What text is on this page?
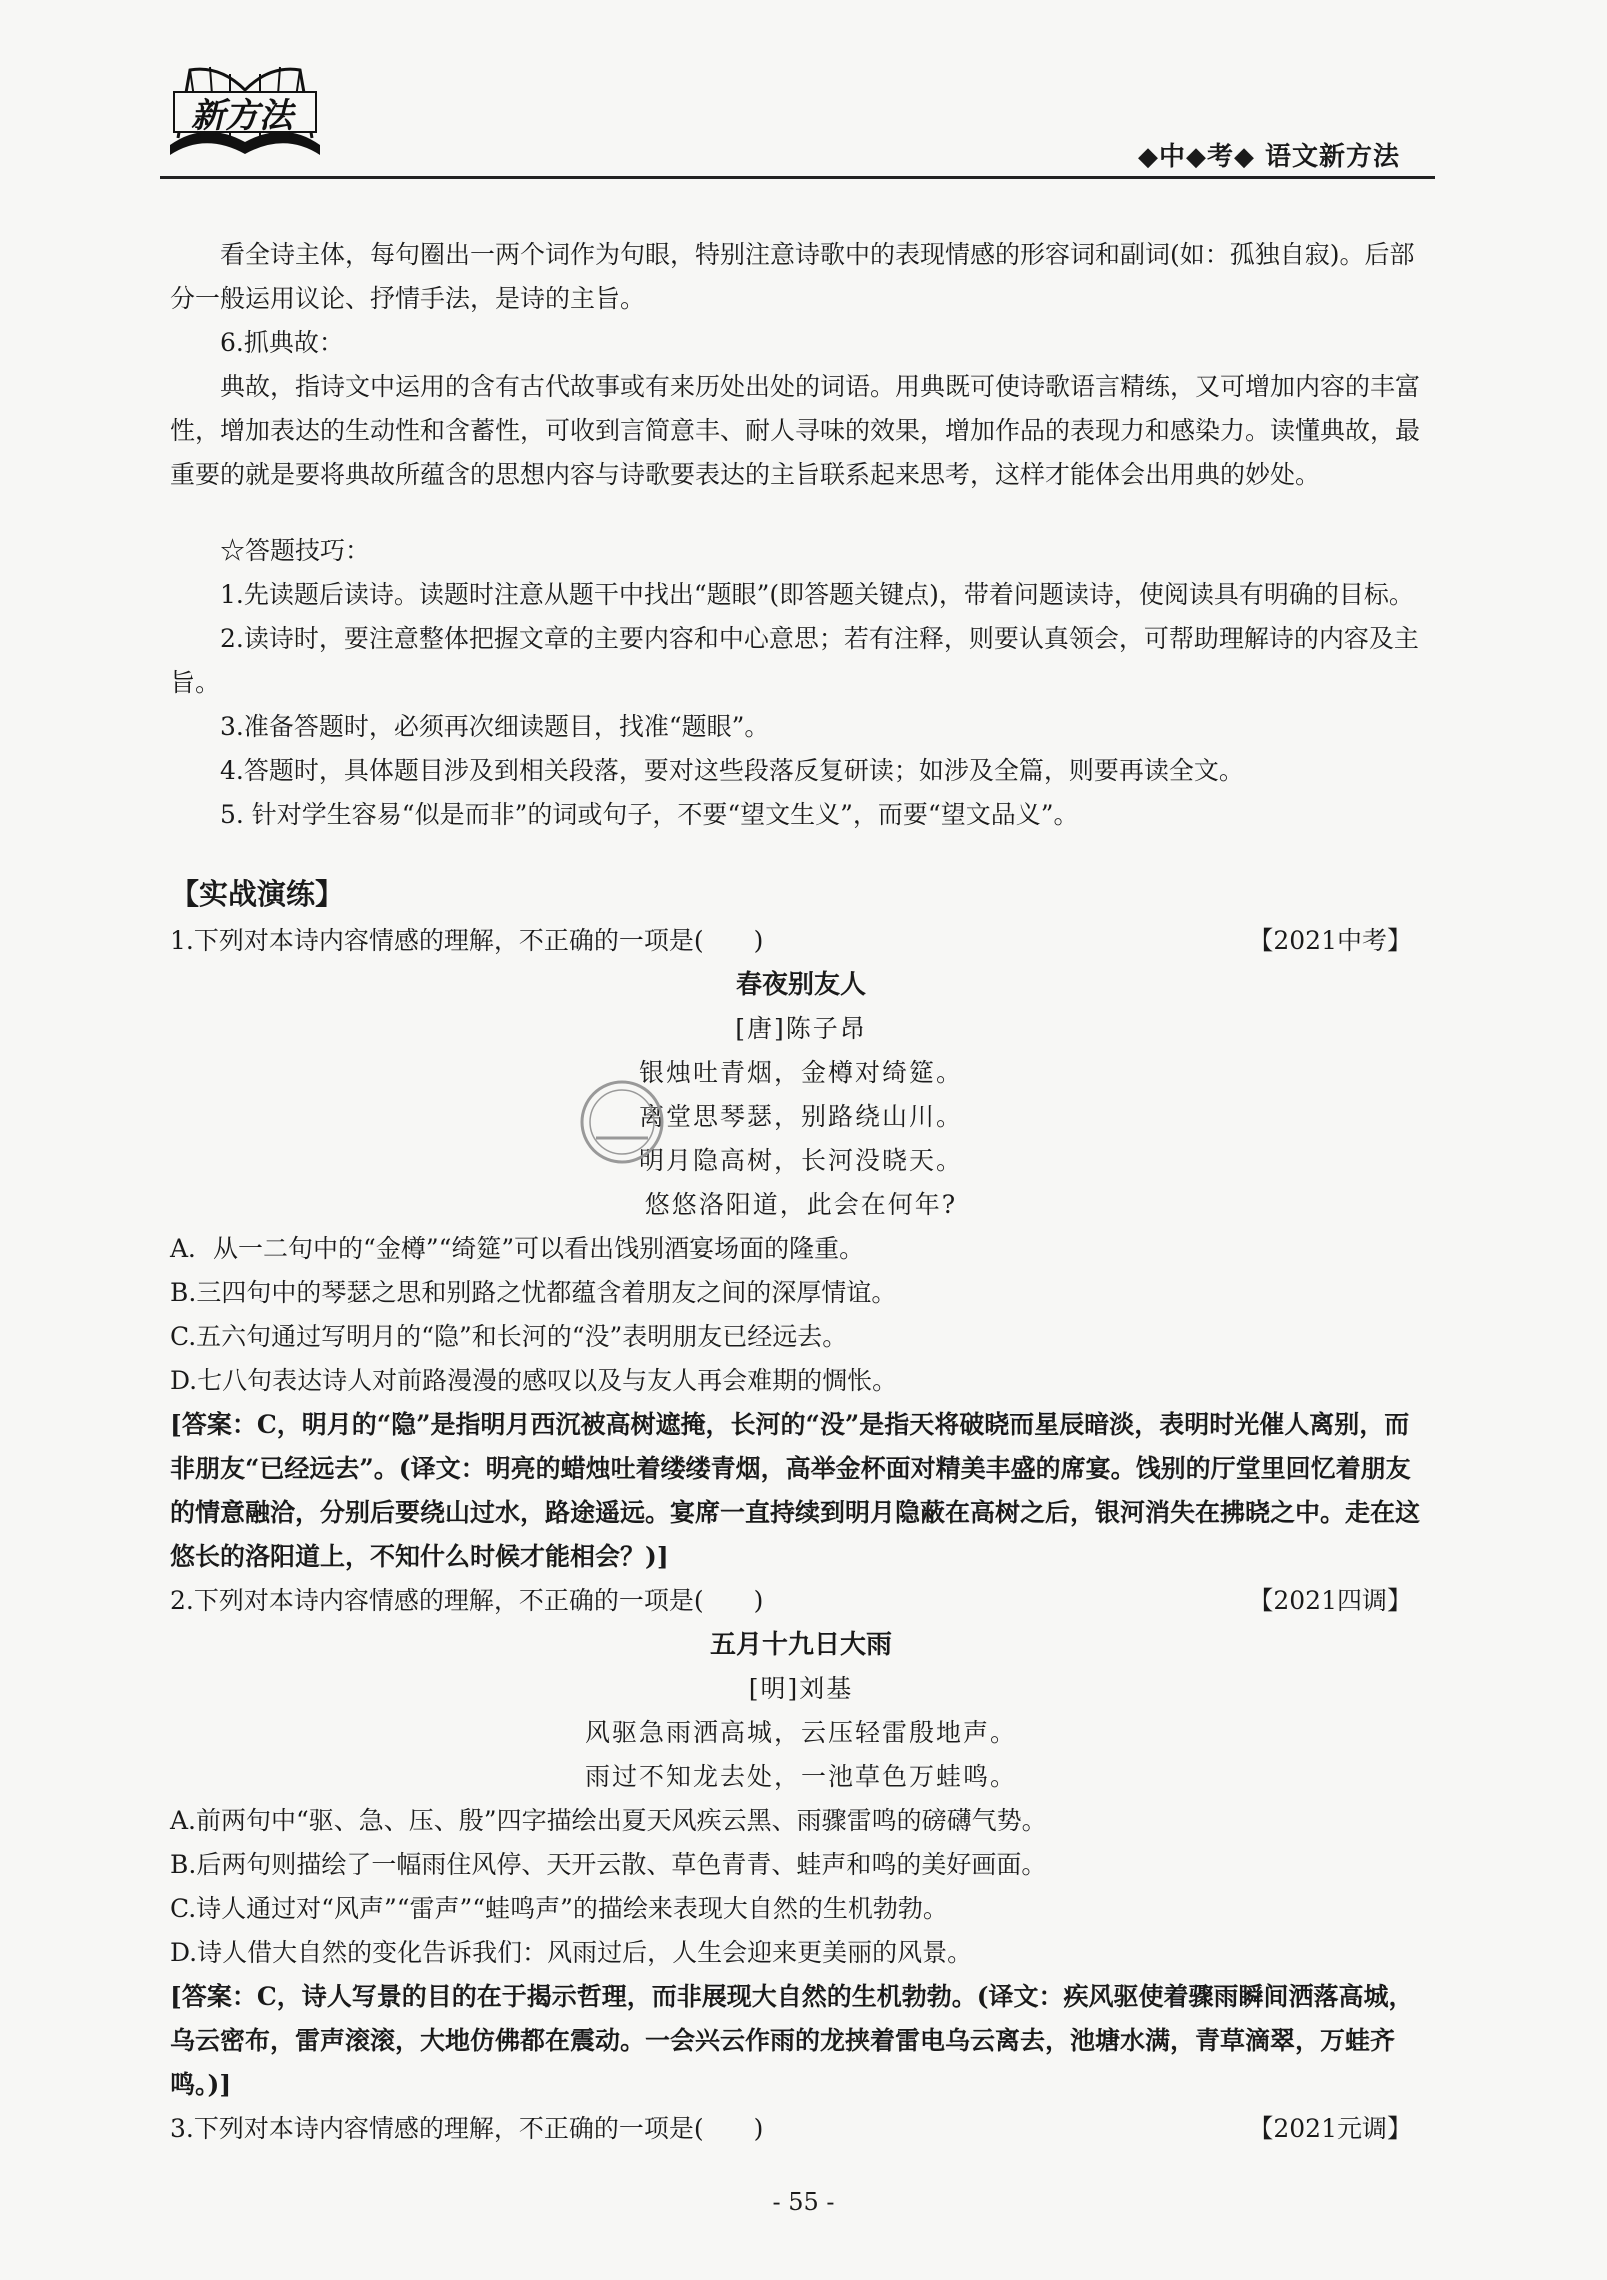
新方法
◆中◆考◆ 语文新方法

看全诗主体，每句圈出一两个词作为句眼，特别注意诗歌中的表现情感的形容词和副词(如：孤独自寂)。后部分一般运用议论、抒情手法，是诗的主旨。

6.抓典故：

典故，指诗文中运用的含有古代故事或有来历处出处的词语。用典既可使诗歌语言精练，又可增加内容的丰富性，增加表达的生动性和含蓄性，可收到言简意丰、耐人寻味的效果，增加作品的表现力和感染力。读懂典故，最重要的就是要将典故所蕴含的思想内容与诗歌要表达的主旨联系起来思考，这样才能体会出用典的妙处。

☆答题技巧：

1.先读题后读诗。读题时注意从题干中找出“题眼”(即答题关键点)，带着问题读诗，使阅读具有明确的目标。

2.读诗时，要注意整体把握文章的主要内容和中心意思；若有注释，则要认真领会，可帮助理解诗的内容及主旨。

3.准备答题时，必须再次细读题目，找准“题眼”。

4.答题时，具体题目涉及到相关段落，要对这些段落反复研读；如涉及全篇，则要再读全文。

5. 针对学生容易“似是而非”的词或句子，不要“望文生义”，而要“望文品义”。

【实战演练】

1.下列对本诗内容情感的理解，不正确的一项是(　　)	【2021中考】

春夜别友人

[唐]陈子昂

银烛吐青烟，金樽对绮筵。

离堂思琴瑟，别路绕山川。

明月隐高树，长河没晓天。

悠悠洛阳道，此会在何年?

A．从一二句中的“金樽”“绮筵”可以看出饯别酒宴场面的隆重。

B.三四句中的琴瑟之思和别路之忧都蕴含着朋友之间的深厚情谊。

C.五六句通过写明月的“隐”和长河的“没”表明朋友已经远去。

D.七八句表达诗人对前路漫漫的感叹以及与友人再会难期的惆怅。

[答案：C，明月的“隐”是指明月西沉被高树遮掩，长河的“没”是指天将破晓而星辰暗淡，表明时光催人离别，而非朋友“已经远去”。(译文：明亮的蜡烛吐着缕缕青烟，高举金杯面对精美丰盛的席宴。饯别的厅堂里回忆着朋友的情意融洽，分别后要绕山过水，路途遥远。宴席一直持续到明月隐蔽在高树之后，银河消失在拂晓之中。走在这悠长的洛阳道上，不知什么时候才能相会？)]

2.下列对本诗内容情感的理解，不正确的一项是(　　)	【2021四调】

五月十九日大雨

[明]刘基

风驱急雨洒高城，云压轻雷殷地声。

雨过不知龙去处，一池草色万蛙鸣。

A.前两句中“驱、急、压、殷”四字描绘出夏天风疾云黑、雨骤雷鸣的磅礴气势。

B.后两句则描绘了一幅雨住风停、天开云散、草色青青、蛙声和鸣的美好画面。

C.诗人通过对“风声”“雷声”“蛙鸣声”的描绘来表现大自然的生机勃勃。

D.诗人借大自然的变化告诉我们：风雨过后，人生会迎来更美丽的风景。

[答案：C，诗人写景的目的在于揭示哲理，而非展现大自然的生机勃勃。(译文：疾风驱使着骤雨瞬间洒落高城，乌云密布，雷声滚滚，大地仿佛都在震动。一会兴云作雨的龙挟着雷电乌云离去，池塘水满，青草滴翠，万蛙齐鸣。)]

3.下列对本诗内容情感的理解，不正确的一项是(　　)	【2021元调】
- 55 -
